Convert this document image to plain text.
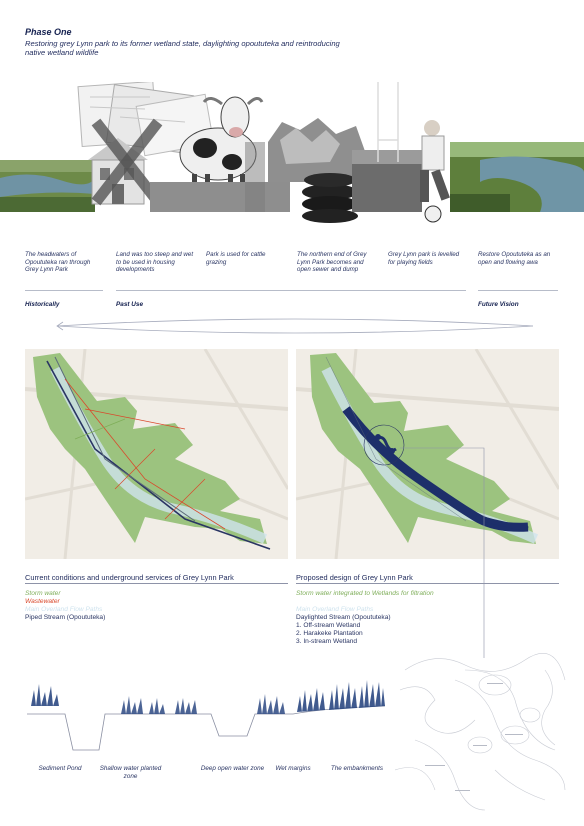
Phase One
Restoring grey Lynn park to its former wetland state, daylighting opoututeka and reintroducing native wetland wildlife
The headwaters of Opoututeka ran through Grey Lynn Park
Land was too steep and wet to be used in housing developments
Park is used for cattle grazing
The northern end of Grey Lynn Park becomes and open sewer and dump
Grey Lynn park is levelled for playing fields
Restore Opoututeka as an open and flowing awa
Historically	Past Use	Future Vision
Current conditions and underground services of Grey Lynn Park	Proposed design of Grey Lynn Park
Storm water
Wastewater
Main Overland Flow Paths
Piped Stream (Opoututeka)
Storm water integrated to Wetlands for filtration
Main Overland Flow Paths
Daylighted Stream (Opoututeka)
1. Off-stream Wetland
2. Harakeke Plantation
3. In-stream Wetland
Sediment Pond	Shallow water planted zone
Deep open water zone	Wet margins	The embankments
